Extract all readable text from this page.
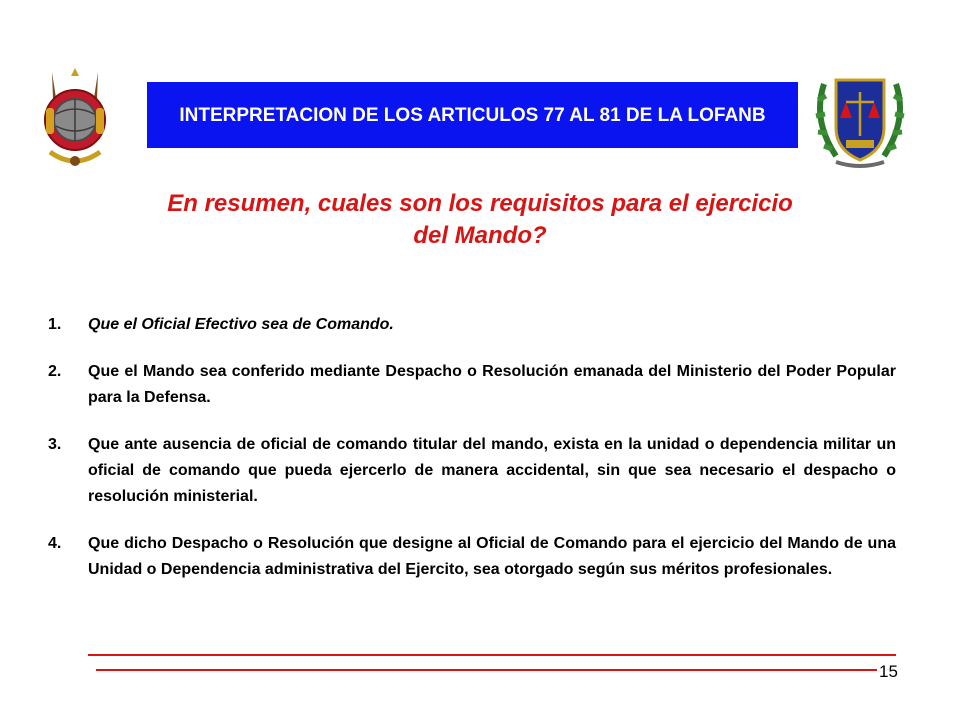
INTERPRETACION DE LOS ARTICULOS 77 AL 81 DE LA LOFANB
En resumen, cuales son los requisitos para el ejercicio del Mando?
1.	Que el Oficial Efectivo sea de Comando.
2.	Que el Mando sea conferido mediante Despacho o Resolución emanada del Ministerio del Poder Popular para la Defensa.
3.	Que ante ausencia de oficial de comando titular del mando, exista en la unidad o dependencia militar un oficial de comando que pueda ejercerlo de manera accidental, sin que sea necesario el despacho o resolución ministerial.
4.	Que dicho Despacho o Resolución que designe al Oficial de Comando para el ejercicio del Mando de una Unidad o Dependencia administrativa del Ejercito, sea otorgado según sus méritos profesionales.
15
